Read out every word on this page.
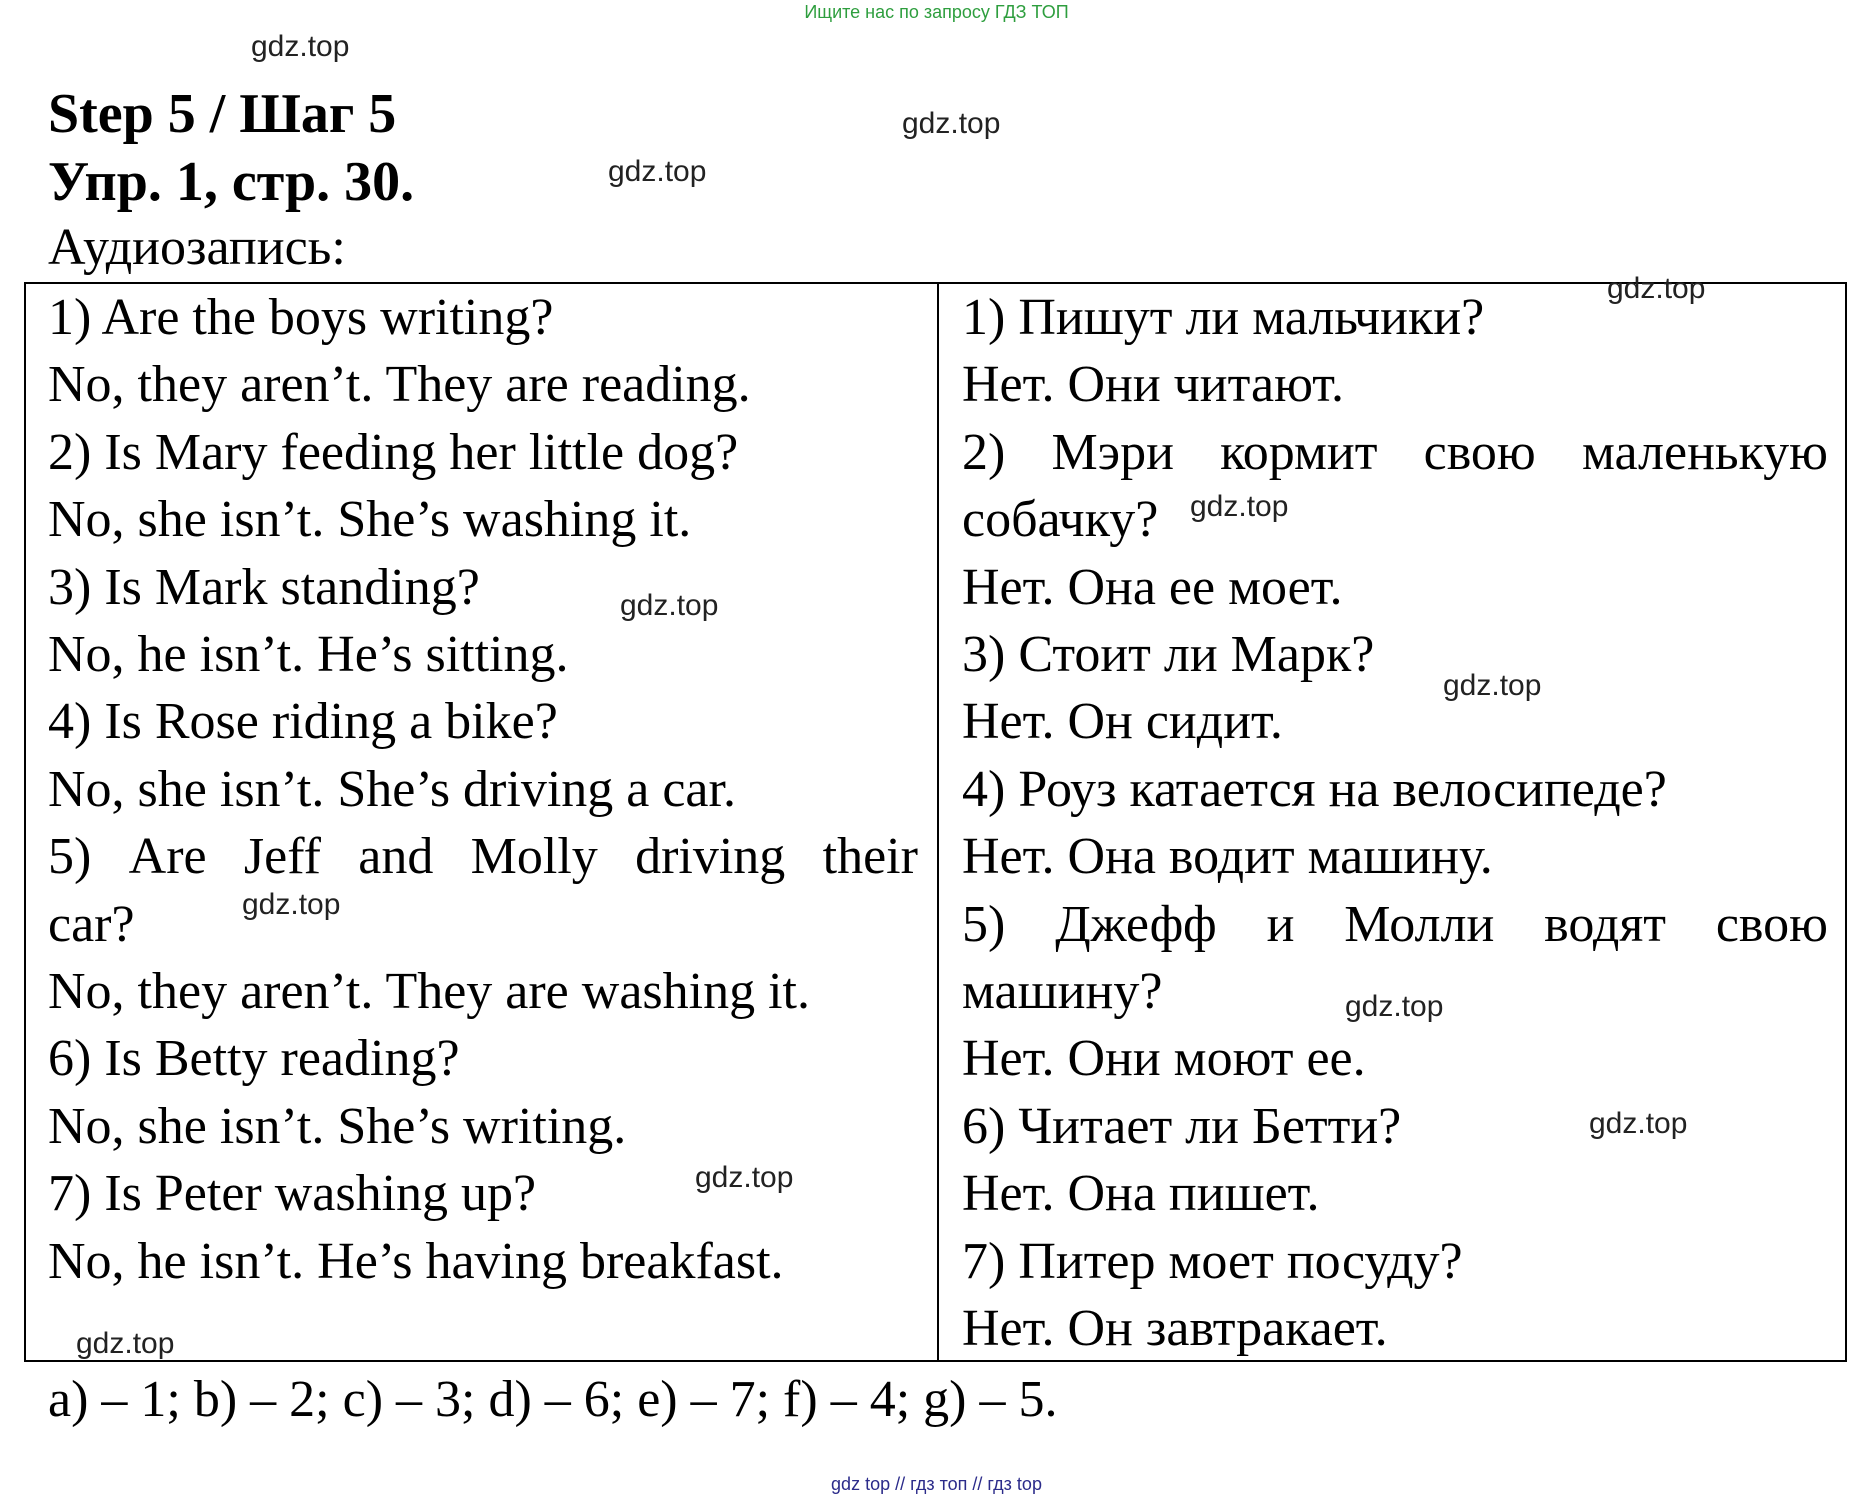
Ищите нас по запросу ГДЗ ТОП
Step 5 / Шаг 5
Упр. 1, стр. 30.
Аудиозапись:
1) Are the boys writing?
No, they aren’t. They are reading.
2) Is Mary feeding her little dog?
No, she isn’t. She’s washing it.
3) Is Mark standing?
No, he isn’t. He’s sitting.
4) Is Rose riding a bike?
No, she isn’t. She’s driving a car.
5) Are Jeff and Molly driving their
car?
No, they aren’t. They are washing it.
6) Is Betty reading?
No, she isn’t. She’s writing.
7) Is Peter washing up?
No, he isn’t. He’s having breakfast.
1) Пишут ли мальчики?
Нет. Они читают.
2) Мэри кормит свою маленькую
собачку?
Нет. Она ее моет.
3) Стоит ли Марк?
Нет. Он сидит.
4) Роуз катается на велосипеде?
Нет. Она водит машину.
5) Джефф и Молли водят свою
машину?
Нет. Они моют ее.
6) Читает ли Бетти?
Нет. Она пишет.
7) Питер моет посуду?
Нет. Он завтракает.
a) – 1; b) – 2; c) – 3; d) – 6; e) – 7; f) – 4; g) – 5.
gdz.top
gdz.top
gdz.top
gdz.top
gdz.top
gdz.top
gdz.top
gdz.top
gdz.top
gdz.top
gdz.top
gdz.top
gdz top // гдз топ // гдз top
